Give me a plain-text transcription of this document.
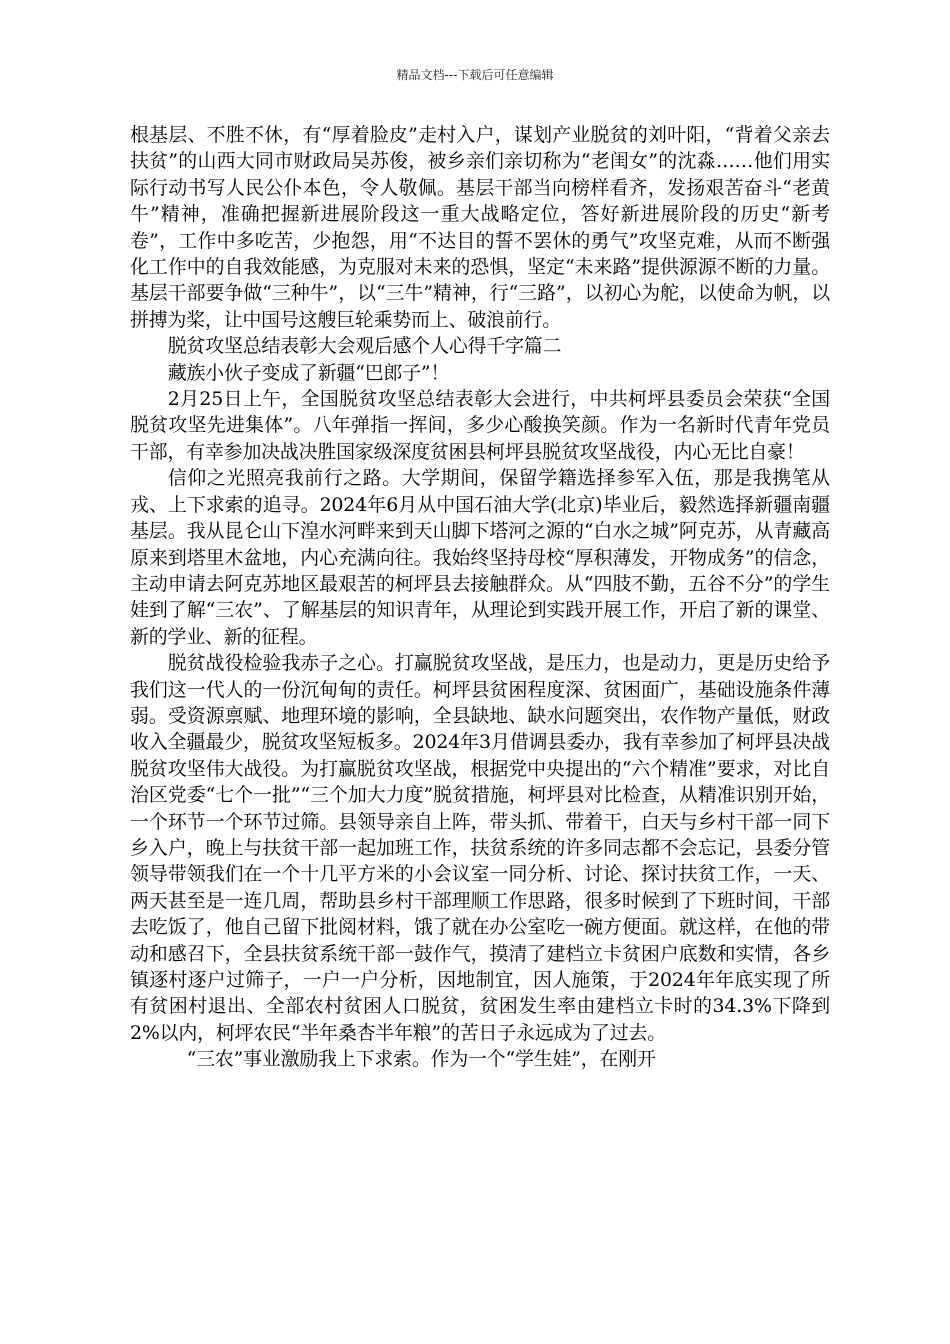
精品文档---下载后可任意编辑

根基层、不胜不休，有“厚着脸皮”走村入户，谋划产业脱贫的刘叶阳，“背着父亲去扶贫”的山西大同市财政局吴苏俊，被乡亲们亲切称为“老闺女”的沈淼……他们用实际行动书写人民公仆本色，令人敬佩。基层干部当向榜样看齐，发扬艰苦奋斗“老黄牛”精神，准确把握新进展阶段这一重大战略定位，答好新进展阶段的历史“新考卷”，工作中多吃苦，少抱怨，用“不达目的誓不罢休的勇气”攻坚克难，从而不断强化工作中的自我效能感，为克服对未来的恐惧，坚定“未来路”提供源源不断的力量。基层干部要争做“三种牛”，以“三牛”精神，行“三路”，以初心为舵，以使命为帆，以拼搏为桨，让中国号这艘巨轮乘势而上、破浪前行。

脱贫攻坚总结表彰大会观后感个人心得千字篇二

藏族小伙子变成了新疆“巴郎子”！

2月25日上午，全国脱贫攻坚总结表彰大会进行，中共柯坪县委员会荣获“全国脱贫攻坚先进集体”。八年弹指一挥间，多少心酸换笑颜。作为一名新时代青年党员干部，有幸参加决战决胜国家级深度贫困县柯坪县脱贫攻坚战役，内心无比自豪！

信仰之光照亮我前行之路。大学期间，保留学籍选择参军入伍，那是我携笔从戎、上下求索的追寻。2024年6月从中国石油大学(北京)毕业后，毅然选择新疆南疆基层。我从昆仑山下湟水河畔来到天山脚下塔河之源的“白水之城”阿克苏，从青藏高原来到塔里木盆地，内心充满向往。我始终坚持母校“厚积薄发，开物成务”的信念，主动申请去阿克苏地区最艰苦的柯坪县去接触群众。从“四肢不勤，五谷不分”的学生娃到了解“三农”、了解基层的知识青年，从理论到实践开展工作，开启了新的课堂、新的学业、新的征程。

脱贫战役检验我赤子之心。打赢脱贫攻坚战，是压力，也是动力，更是历史给予我们这一代人的一份沉甸甸的责任。柯坪县贫困程度深、贫困面广，基础设施条件薄弱。受资源禀赋、地理环境的影响，全县缺地、缺水问题突出，农作物产量低，财政收入全疆最少，脱贫攻坚短板多。2024年3月借调县委办，我有幸参加了柯坪县决战脱贫攻坚伟大战役。为打赢脱贫攻坚战，根据党中央提出的“六个精准”要求，对比自治区党委“七个一批”“三个加大力度”脱贫措施，柯坪县对比检查，从精准识别开始，一个环节一个环节过筛。县领导亲自上阵，带头抓、带着干，白天与乡村干部一同下乡入户，晚上与扶贫干部一起加班工作，扶贫系统的许多同志都不会忘记，县委分管领导带领我们在一个十几平方米的小会议室一同分析、讨论、探讨扶贫工作，一天、两天甚至是一连几周，帮助县乡村干部理顺工作思路，很多时候到了下班时间，干部去吃饭了，他自己留下批阅材料，饿了就在办公室吃一碗方便面。就这样，在他的带动和感召下，全县扶贫系统干部一鼓作气，摸清了建档立卡贫困户底数和实情，各乡镇逐村逐户过筛子，一户一户分析，因地制宜，因人施策，于2024年年底实现了所有贫困村退出、全部农村贫困人口脱贫，贫困发生率由建档立卡时的34.3%下降到2%以内，柯坪农民“半年桑杏半年粮”的苦日子永远成为了过去。

“三农”事业激励我上下求索。作为一个“学生娃”，在刚开
